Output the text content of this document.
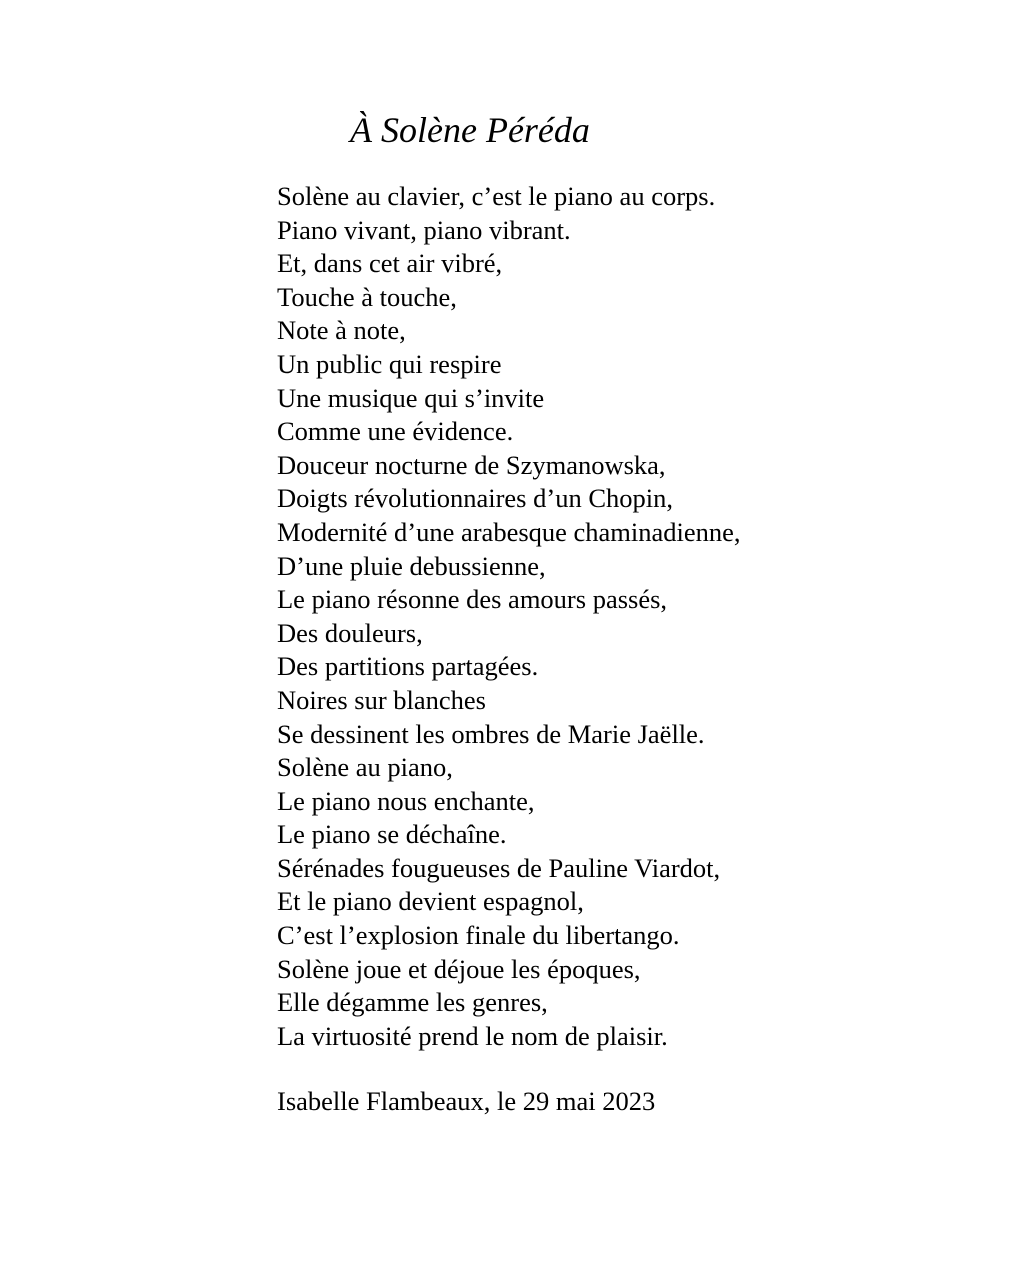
À Solène Péréda
Solène au clavier, c’est le piano au corps.
Piano vivant, piano vibrant.
Et, dans cet air vibré,
Touche à touche,
Note à note,
Un public qui respire
Une musique qui s’invite
Comme une évidence.
Douceur nocturne de Szymanowska,
Doigts révolutionnaires d’un Chopin,
Modernité d’une arabesque chaminadienne,
D’une pluie debussienne,
Le piano résonne des amours passés,
Des douleurs,
Des partitions partagées.
Noires sur blanches
Se dessinent les ombres de Marie Jaëlle.
Solène au piano,
Le piano nous enchante,
Le piano se déchaîne.
Sérénades fougueuses de Pauline Viardot,
Et le piano devient espagnol,
C’est l’explosion finale du libertango.
Solène joue et déjoue les époques,
Elle dégamme les genres,
La virtuosité prend le nom de plaisir.

Isabelle Flambeaux, le 29 mai 2023
